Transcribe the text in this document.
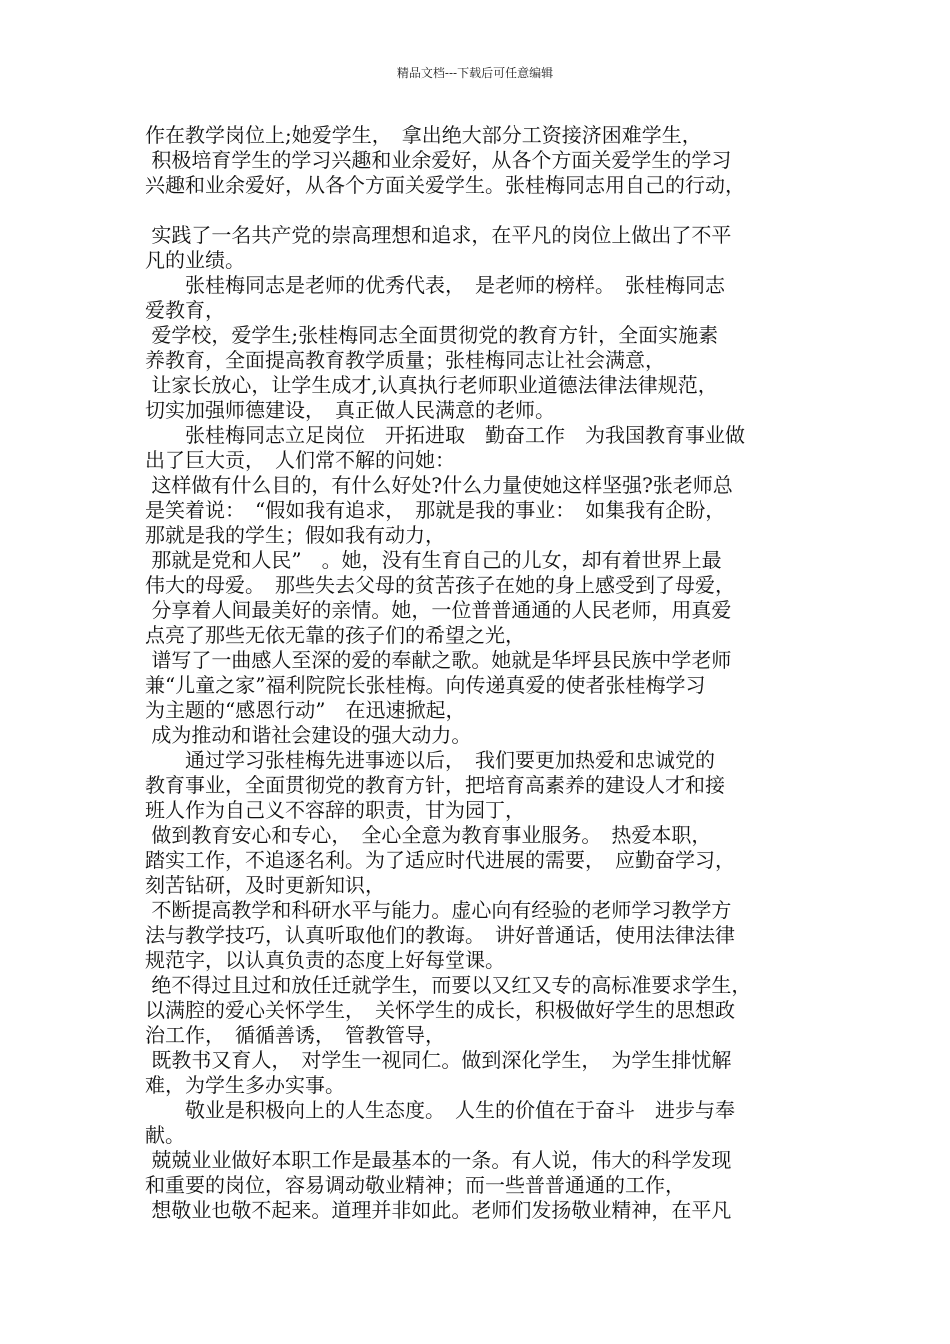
精品文档---下载后可任意编辑
作在教学岗位上;她爱学生，　拿出绝大部分工资接济困难学生，
积极培育学生的学习兴趣和业余爱好，从各个方面关爱学生的学习
兴趣和业余爱好，从各个方面关爱学生。张桂梅同志用自己的行动，
实践了一名共产党的崇高理想和追求，在平凡的岗位上做出了不平
凡的业绩。
　　张桂梅同志是老师的优秀代表，　是老师的榜样。　张桂梅同志
爱教育，
爱学校，爱学生;张桂梅同志全面贯彻党的教育方针，全面实施素
养教育，全面提高教育教学质量；张桂梅同志让社会满意，
让家长放心，让学生成才,认真执行老师职业道德法律法律规范，
切实加强师德建设，　真正做人民满意的老师。
　　张桂梅同志立足岗位　开拓进取　勤奋工作　为我国教育事业做
出了巨大贡，　人们常不解的问她：
这样做有什么目的，有什么好处?什么力量使她这样坚强?张老师总
是笑着说：　“假如我有追求，　那就是我的事业：　如集我有企盼，
那就是我的学生；假如我有动力，
那就是党和人民”　。她，没有生育自己的儿女，却有着世界上最
伟大的母爱。　那些失去父母的贫苦孩子在她的身上感受到了母爱，
分享着人间最美好的亲情。她，一位普普通通的人民老师，用真爱
点亮了那些无依无靠的孩子们的希望之光，
谱写了一曲感人至深的爱的奉献之歌。她就是华坪县民族中学老师
兼“儿童之家”福利院院长张桂梅。向传递真爱的使者张桂梅学习
为主题的“感恩行动”　在迅速掀起，
成为推动和谐社会建设的强大动力。
　　通过学习张桂梅先进事迹以后，　我们要更加热爱和忠诚党的
教育事业，全面贯彻党的教育方针，把培育高素养的建设人才和接
班人作为自己义不容辞的职责，甘为园丁，
做到教育安心和专心，　全心全意为教育事业服务。　热爱本职，
踏实工作，不追逐名利。为了适应时代进展的需要，　应勤奋学习，
刻苦钻研，及时更新知识，
不断提高教学和科研水平与能力。虚心向有经验的老师学习教学方
法与教学技巧，认真听取他们的教诲。　讲好普通话，使用法律法律
规范字，以认真负责的态度上好每堂课。
绝不得过且过和放任迁就学生，而要以又红又专的高标准要求学生，
以满腔的爱心关怀学生，　关怀学生的成长，积极做好学生的思想政
治工作，　循循善诱，　管教管导，
既教书又育人，　对学生一视同仁。做到深化学生，　为学生排忧解
难，为学生多办实事。
　　敬业是积极向上的人生态度。　人生的价值在于奋斗　进步与奉
献。
兢兢业业做好本职工作是最基本的一条。有人说，伟大的科学发现
和重要的岗位，容易调动敬业精神；而一些普普通通的工作，
想敬业也敬不起来。道理并非如此。老师们发扬敬业精神，在平凡
